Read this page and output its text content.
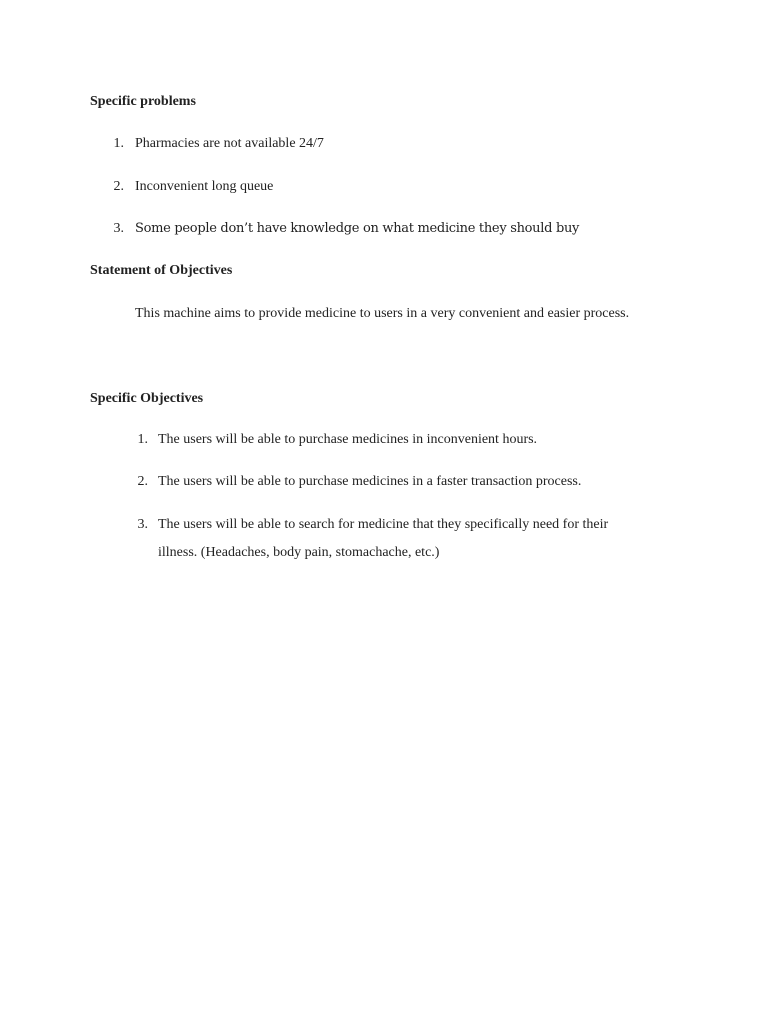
Specific problems
1. Pharmacies are not available 24/7
2. Inconvenient long queue
3. Some people don’t have knowledge on what medicine they should buy
Statement of Objectives
This machine aims to provide medicine to users in a very convenient and easier process.
Specific Objectives
1. The users will be able to purchase medicines in inconvenient hours.
2. The users will be able to purchase medicines in a faster transaction process.
3. The users will be able to search for medicine that they specifically need for their
illness. (Headaches, body pain, stomachache, etc.)
